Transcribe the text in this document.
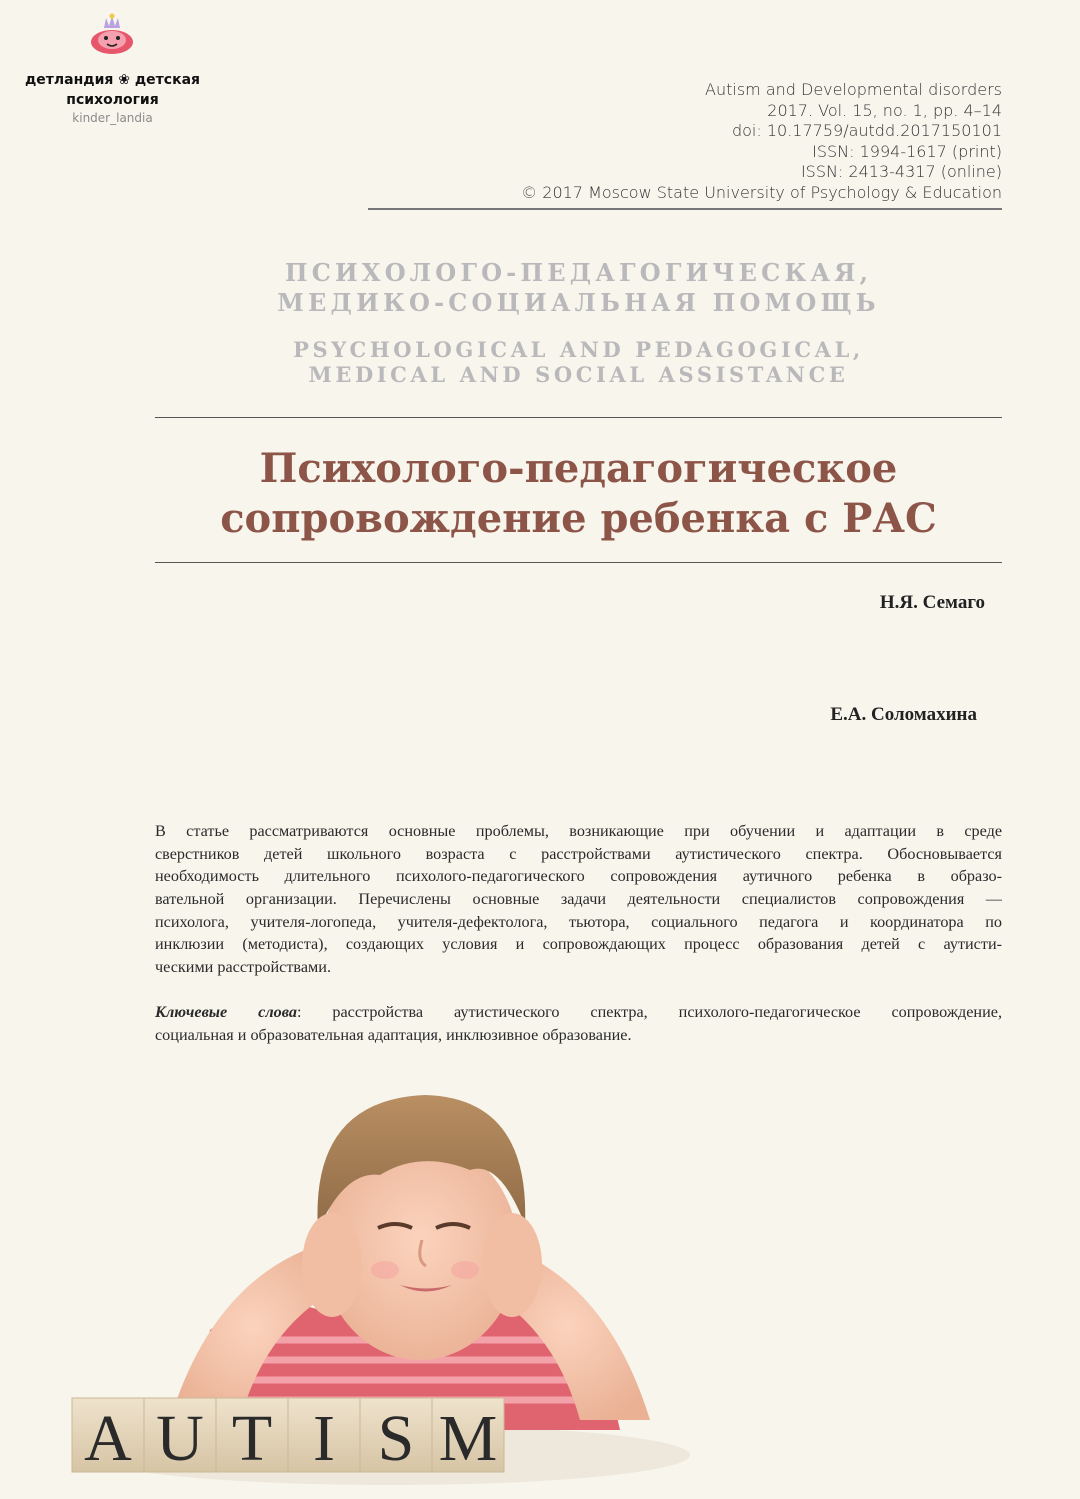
детландия ❀ детская
психология
kinder_landia
Autism and Developmental disorders
2017. Vol. 15, no. 1, pp. 4–14
doi: 10.17759/autdd.2017150101
ISSN: 1994-1617 (print)
ISSN: 2413-4317 (online)
© 2017 Moscow State University of Psychology & Education
ПСИХОЛОГО-ПЕДАГОГИЧЕСКАЯ,
МЕДИКО-СОЦИАЛЬНАЯ ПОМОЩЬ
PSYCHOLOGICAL AND PEDAGOGICAL,
MEDICAL AND SOCIAL ASSISTANCE
Психолого-педагогическое
сопровождение ребенка с РАС
Н.Я. Семаго
Е.А. Соломахина
В статье рассматриваются основные проблемы, возникающие при обучении и адаптации в среде
сверстников детей школьного возраста с расстройствами аутистического спектра. Обосновывается
необходимость длительного психолого-педагогического сопровождения аутичного ребенка в образо-
вательной организации. Перечислены основные задачи деятельности специалистов сопровождения —
психолога, учителя-логопеда, учителя-дефектолога, тьютора, социального педагога и координатора по
инклюзии (методиста), создающих условия и сопровождающих процесс образования детей с аутисти-
ческими расстройствами.
Ключевые слова: расстройства аутистического спектра, психолого-педагогическое сопровождение,
социальная и образовательная адаптация, инклюзивное образование.
A U T I S M
